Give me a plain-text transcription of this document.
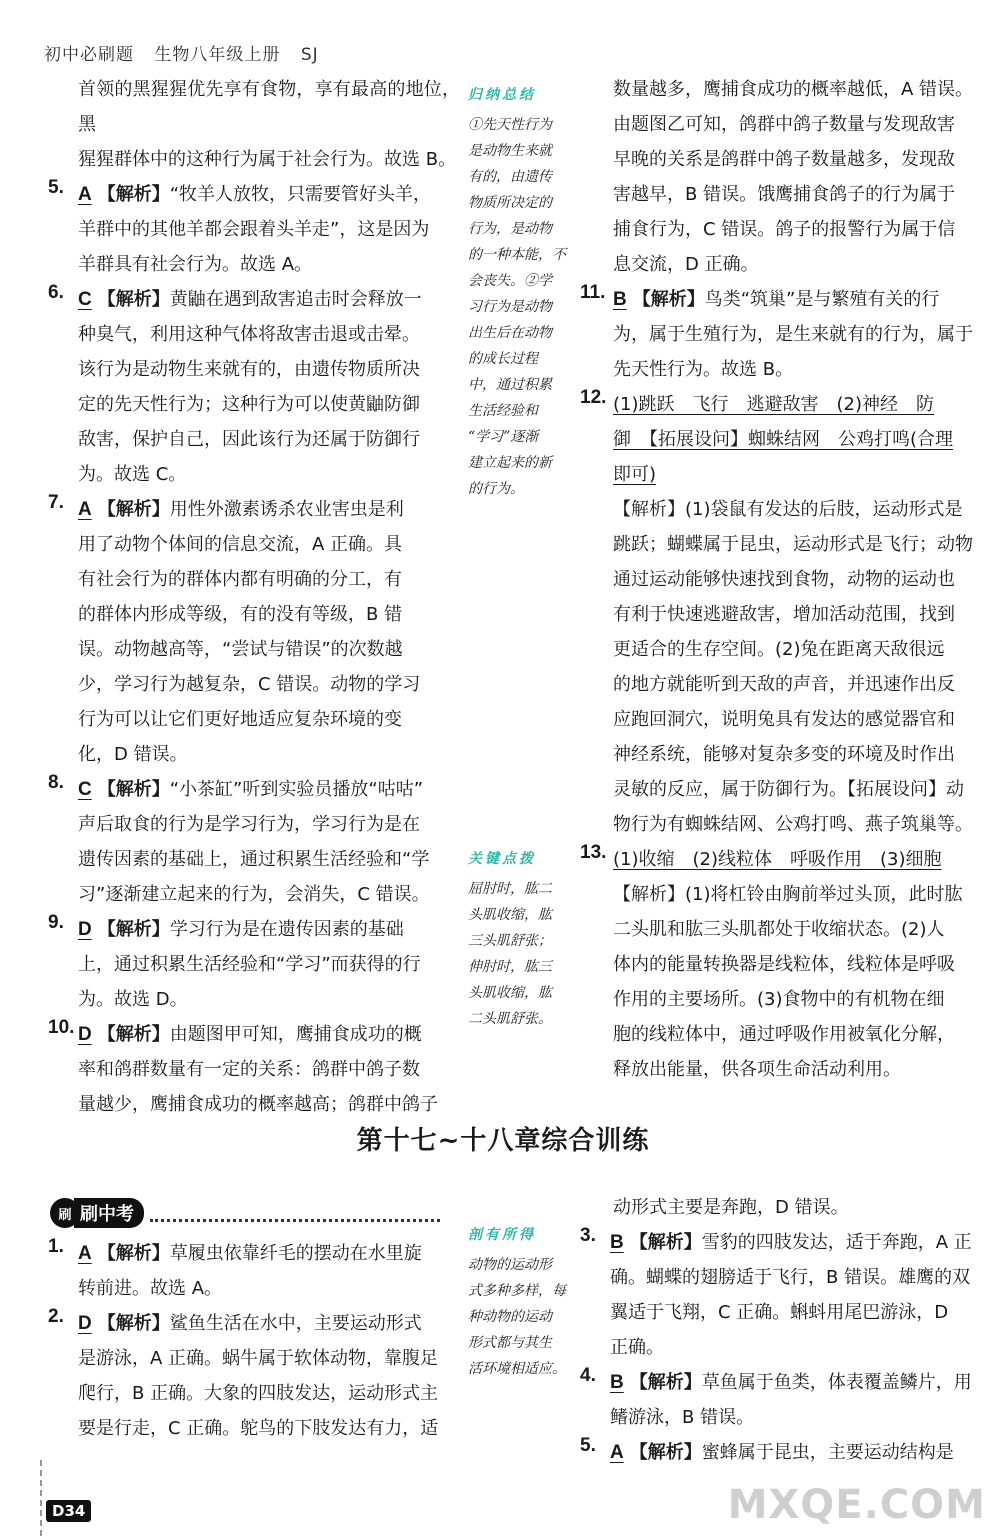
初中必刷题 生物八年级上册 SJ

首领的黑猩猩优先享有食物，享有最高的地位，黑

猩猩群体中的这种行为属于社会行为。故选 B。

5. A 【解析】“牧羊人放牧，只需要管好头羊，

羊群中的其他羊都会跟着头羊走”，这是因为

羊群具有社会行为。故选 A。

6. C 【解析】黄鼬在遇到敌害追击时会释放一

种臭气，利用这种气体将敌害击退或击晕。

该行为是动物生来就有的，由遗传物质所决

定的先天性行为；这种行为可以使黄鼬防御

敌害，保护自己，因此该行为还属于防御行

为。故选 C。

7. A 【解析】用性外激素诱杀农业害虫是利

用了动物个体间的信息交流，A 正确。具

有社会行为的群体内都有明确的分工，有

的群体内形成等级，有的没有等级，B 错

误。动物越高等，“尝试与错误”的次数越

少，学习行为越复杂，C 错误。动物的学习

行为可以让它们更好地适应复杂环境的变

化，D 错误。

8. C 【解析】“小茶缸”听到实验员播放“咕咕”

声后取食的行为是学习行为，学习行为是在

遗传因素的基础上，通过积累生活经验和“学

习”逐渐建立起来的行为，会消失，C 错误。

9. D 【解析】学习行为是在遗传因素的基础

上，通过积累生活经验和“学习”而获得的行

为。故选 D。

10. D 【解析】由题图甲可知，鹰捕食成功的概

率和鸽群数量有一定的关系：鸽群中鸽子数

量越少，鹰捕食成功的概率越高；鸽群中鸽子

归纳总结
①先天性行为
是动物生来就
有的，由遗传
物质所决定的
行为，是动物
的一种本能，不
会丧失。②学
习行为是动物
出生后在动物
的成长过程
中，通过积累
生活经验和
“学习”逐渐
建立起来的新
的行为。
关键点拨
屈肘时，肱二
头肌收缩，肱
三头肌舒张；
伸肘时，肱三
头肌收缩，肱
二头肌舒张。
剖有所得
动物的运动形
式多种多样，每
种动物的运动
形式都与其生
活环境相适应。

数量越多，鹰捕食成功的概率越低，A 错误。

由题图乙可知，鸽群中鸽子数量与发现敌害

早晚的关系是鸽群中鸽子数量越多，发现敌

害越早，B 错误。饿鹰捕食鸽子的行为属于

捕食行为，C 错误。鸽子的报警行为属于信

息交流，D 正确。

11. B 【解析】鸟类“筑巢”是与繁殖有关的行

为，属于生殖行为，是生来就有的行为，属于

先天性行为。故选 B。

12. (1)跳跃　飞行　逃避敌害　(2)神经　防

御　【拓展设问】蜘蛛结网　公鸡打鸣(合理

即可)

【解析】(1)袋鼠有发达的后肢，运动形式是

跳跃；蝴蝶属于昆虫，运动形式是飞行；动物

通过运动能够快速找到食物，动物的运动也

有利于快速逃避敌害，增加活动范围，找到

更适合的生存空间。(2)兔在距离天敌很远

的地方就能听到天敌的声音，并迅速作出反

应跑回洞穴，说明兔具有发达的感觉器官和

神经系统，能够对复杂多变的环境及时作出

灵敏的反应，属于防御行为。【拓展设问】动

物行为有蜘蛛结网、公鸡打鸣、燕子筑巢等。

13. (1)收缩　(2)线粒体　呼吸作用　(3)细胞

【解析】(1)将杠铃由胸前举过头顶，此时肱

二头肌和肱三头肌都处于收缩状态。(2)人

体内的能量转换器是线粒体，线粒体是呼吸

作用的主要场所。(3)食物中的有机物在细

胞的线粒体中，通过呼吸作用被氧化分解，

释放出能量，供各项生命活动利用。

第十七~十八章综合训练
刷 刷中考
1. A 【解析】草履虫依靠纤毛的摆动在水里旋

转前进。故选 A。

2. D 【解析】鲨鱼生活在水中，主要运动形式

是游泳，A 正确。蜗牛属于软体动物，靠腹足

爬行，B 正确。大象的四肢发达，运动形式主

要是行走，C 正确。鸵鸟的下肢发达有力，适

动形式主要是奔跑，D 错误。

3. B 【解析】雪豹的四肢发达，适于奔跑，A 正

确。蝴蝶的翅膀适于飞行，B 错误。雄鹰的双

翼适于飞翔，C 正确。蝌蚪用尾巴游泳，D

正确。

4. B 【解析】草鱼属于鱼类，体表覆盖鳞片，用

鳍游泳，B 错误。

5. A 【解析】蜜蜂属于昆虫，主要运动结构是

D34	MXQE.COM
